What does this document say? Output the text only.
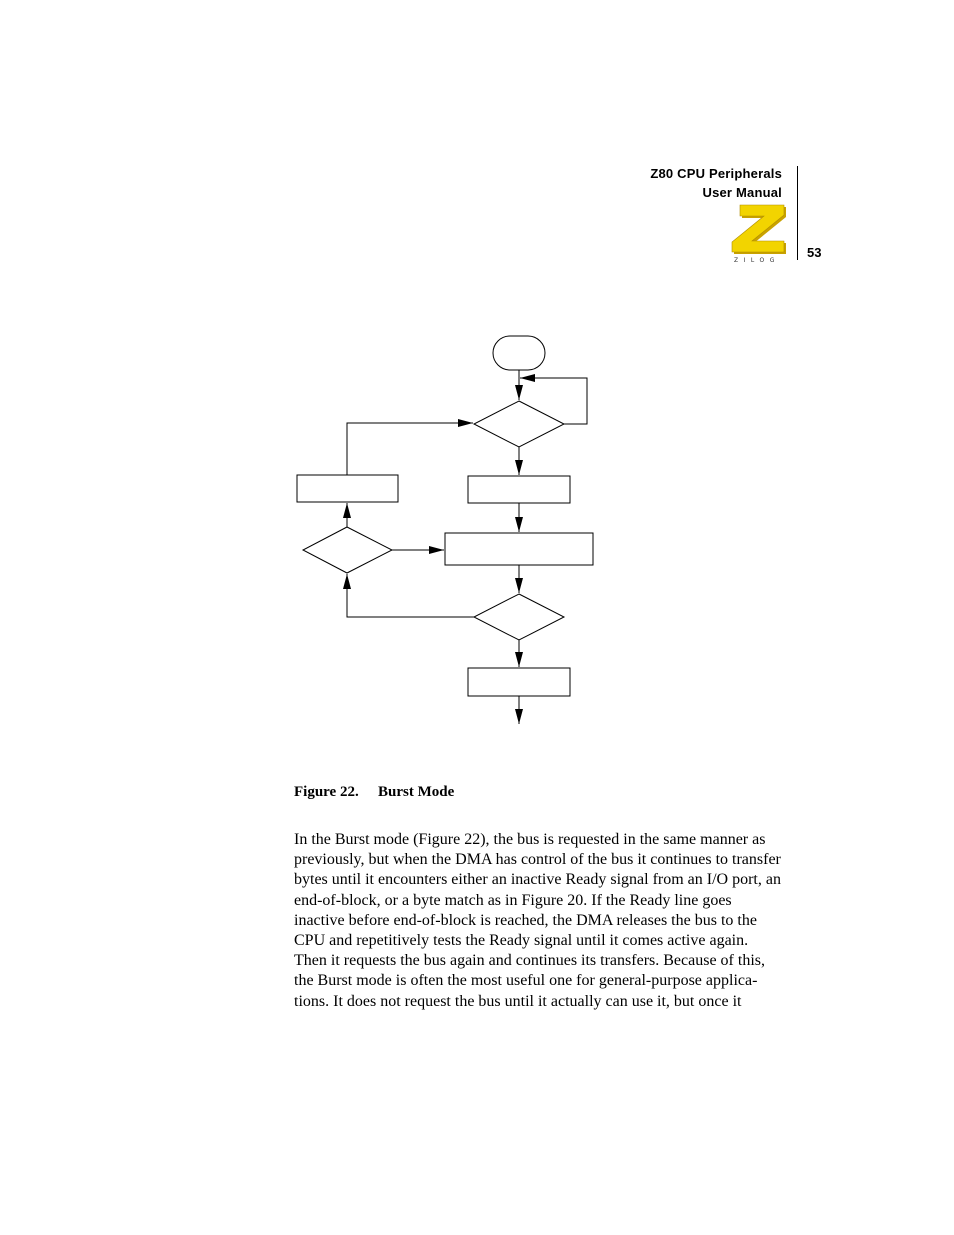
Z80 CPU Peripherals
User Manual
ZILOG
53
Figure 22. Burst Mode
In the Burst mode (Figure 22), the bus is requested in the same manner as
previously, but when the DMA has control of the bus it continues to transfer
bytes until it encounters either an inactive Ready signal from an I/O port, an
end-of-block, or a byte match as in Figure 20. If the Ready line goes
inactive before end-of-block is reached, the DMA releases the bus to the
CPU and repetitively tests the Ready signal until it comes active again.
Then it requests the bus again and continues its transfers. Because of this,
the Burst mode is often the most useful one for general-purpose applica-
tions. It does not request the bus until it actually can use it, but once it
